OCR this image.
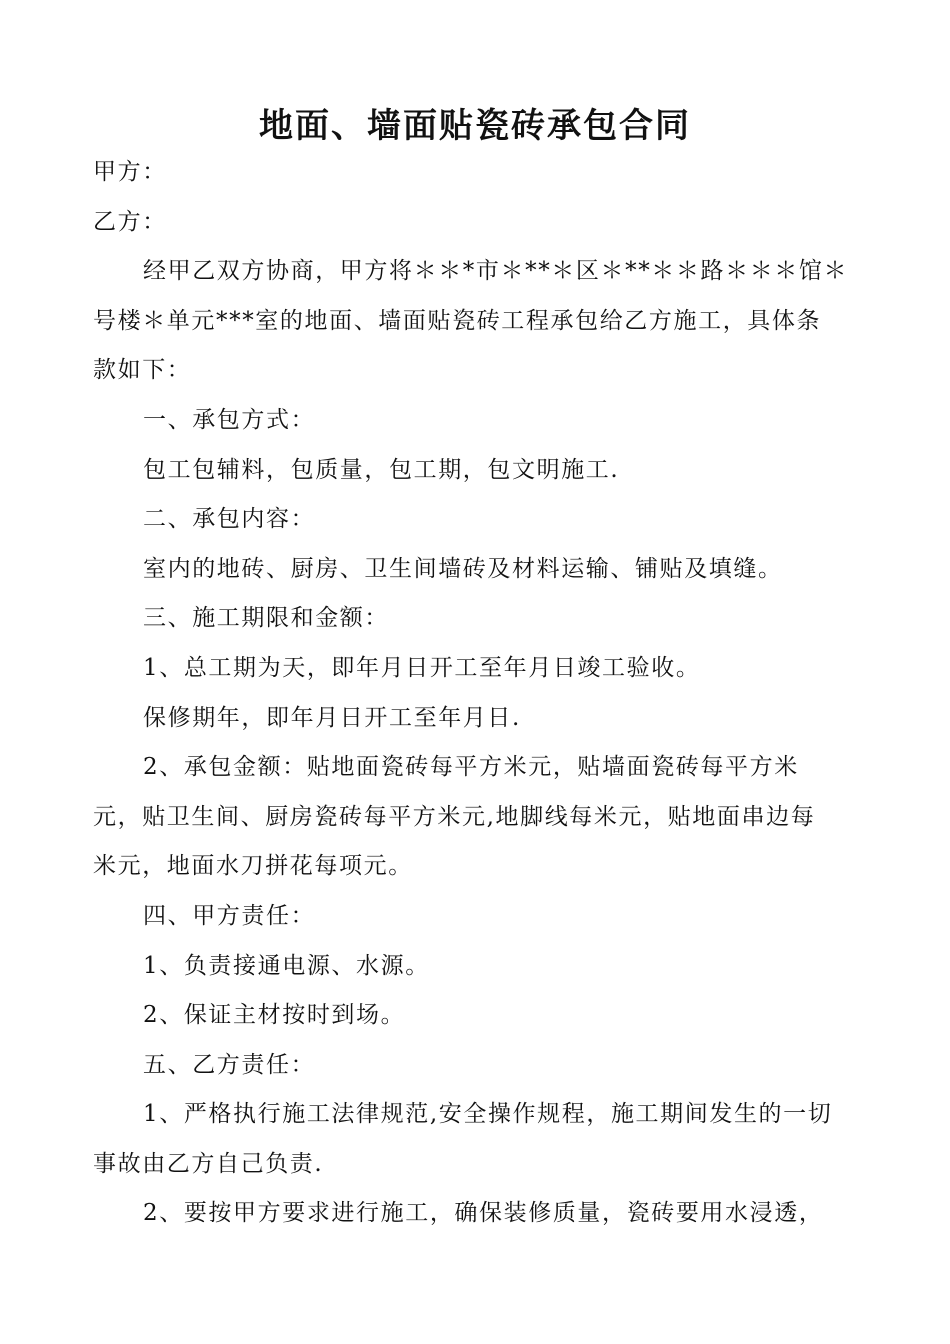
地面、墙面贴瓷砖承包合同
甲方：
乙方：
经甲乙双方协商，甲方将＊＊*市＊**＊区＊**＊＊路＊＊＊馆＊
号楼＊单元***室的地面、墙面贴瓷砖工程承包给乙方施工，具体条
款如下：
一、承包方式：
包工包辅料，包质量，包工期，包文明施工.
二、承包内容：
室内的地砖、厨房、卫生间墙砖及材料运输、铺贴及填缝。
三、施工期限和金额：
1、总工期为天，即年月日开工至年月日竣工验收。
保修期年，即年月日开工至年月日.
2、承包金额：贴地面瓷砖每平方米元，贴墙面瓷砖每平方米
元，贴卫生间、厨房瓷砖每平方米元,地脚线每米元，贴地面串边每
米元，地面水刀拼花每项元。
四、甲方责任：
1、负责接通电源、水源。
2、保证主材按时到场。
五、乙方责任：
1、严格执行施工法律规范,安全操作规程，施工期间发生的一切
事故由乙方自己负责.
2、要按甲方要求进行施工，确保装修质量，瓷砖要用水浸透，
